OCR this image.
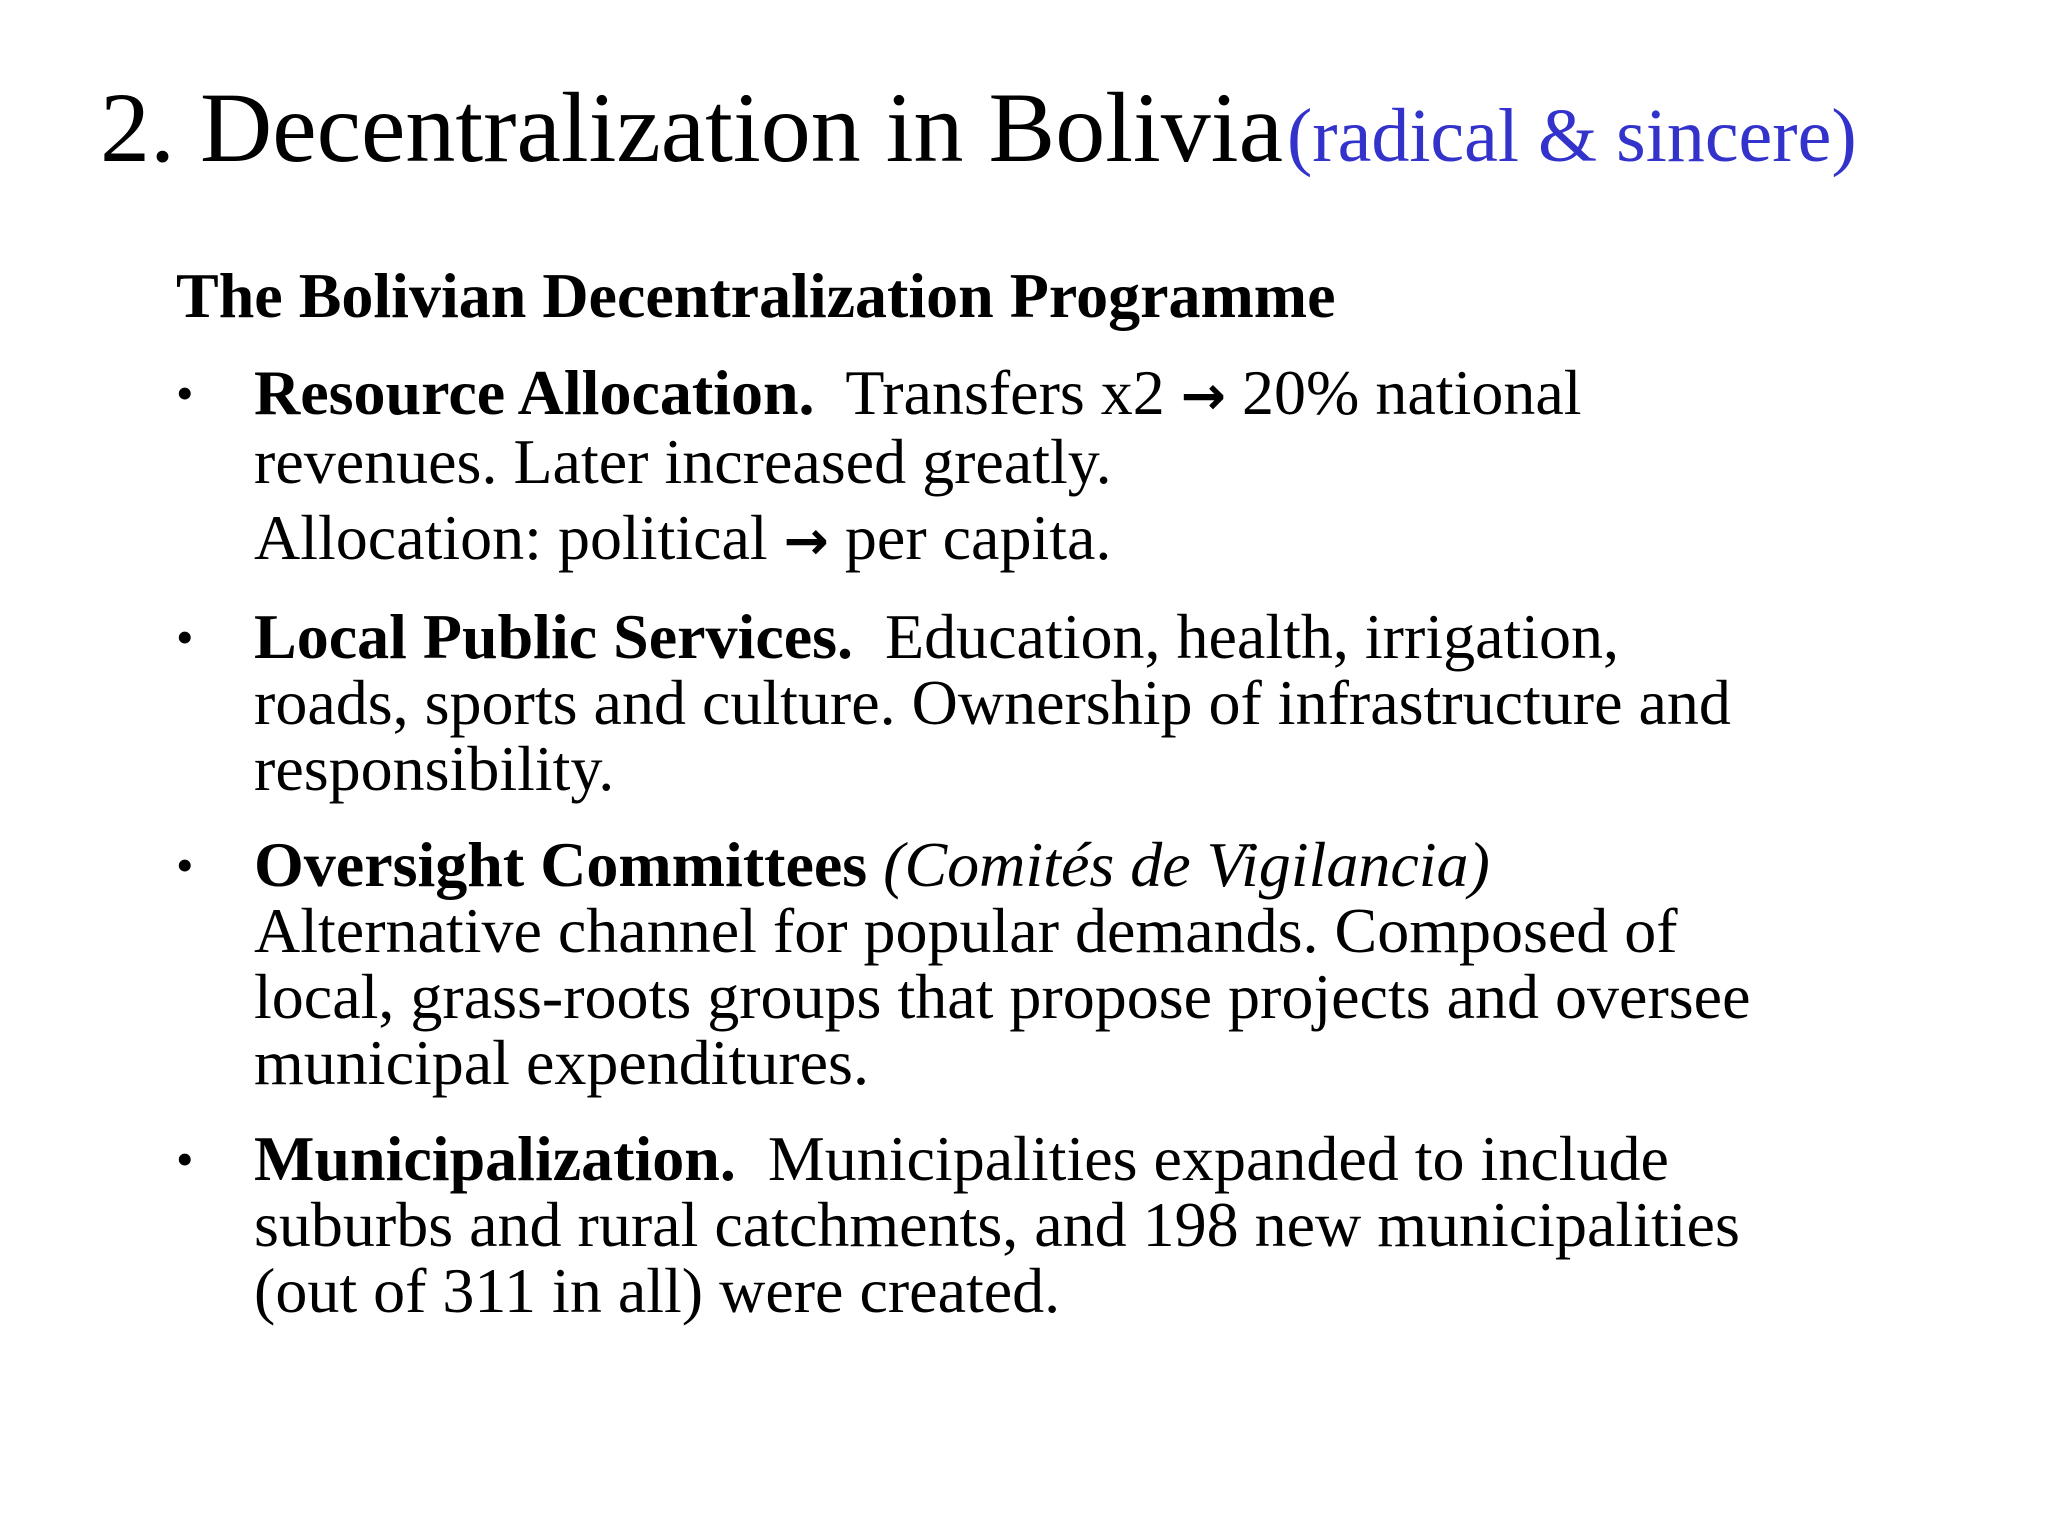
2. Decentralization in Bolivia (radical & sincere)
The Bolivian Decentralization Programme
• Resource Allocation. Transfers x2 → 20% national
revenues. Later increased greatly.
Allocation: political → per capita.
• Local Public Services. Education, health, irrigation,
roads, sports and culture. Ownership of infrastructure and
responsibility.
• Oversight Committees (Comités de Vigilancia)
Alternative channel for popular demands. Composed of
local, grass-roots groups that propose projects and oversee
municipal expenditures.
• Municipalization. Municipalities expanded to include
suburbs and rural catchments, and 198 new municipalities
(out of 311 in all) were created.
